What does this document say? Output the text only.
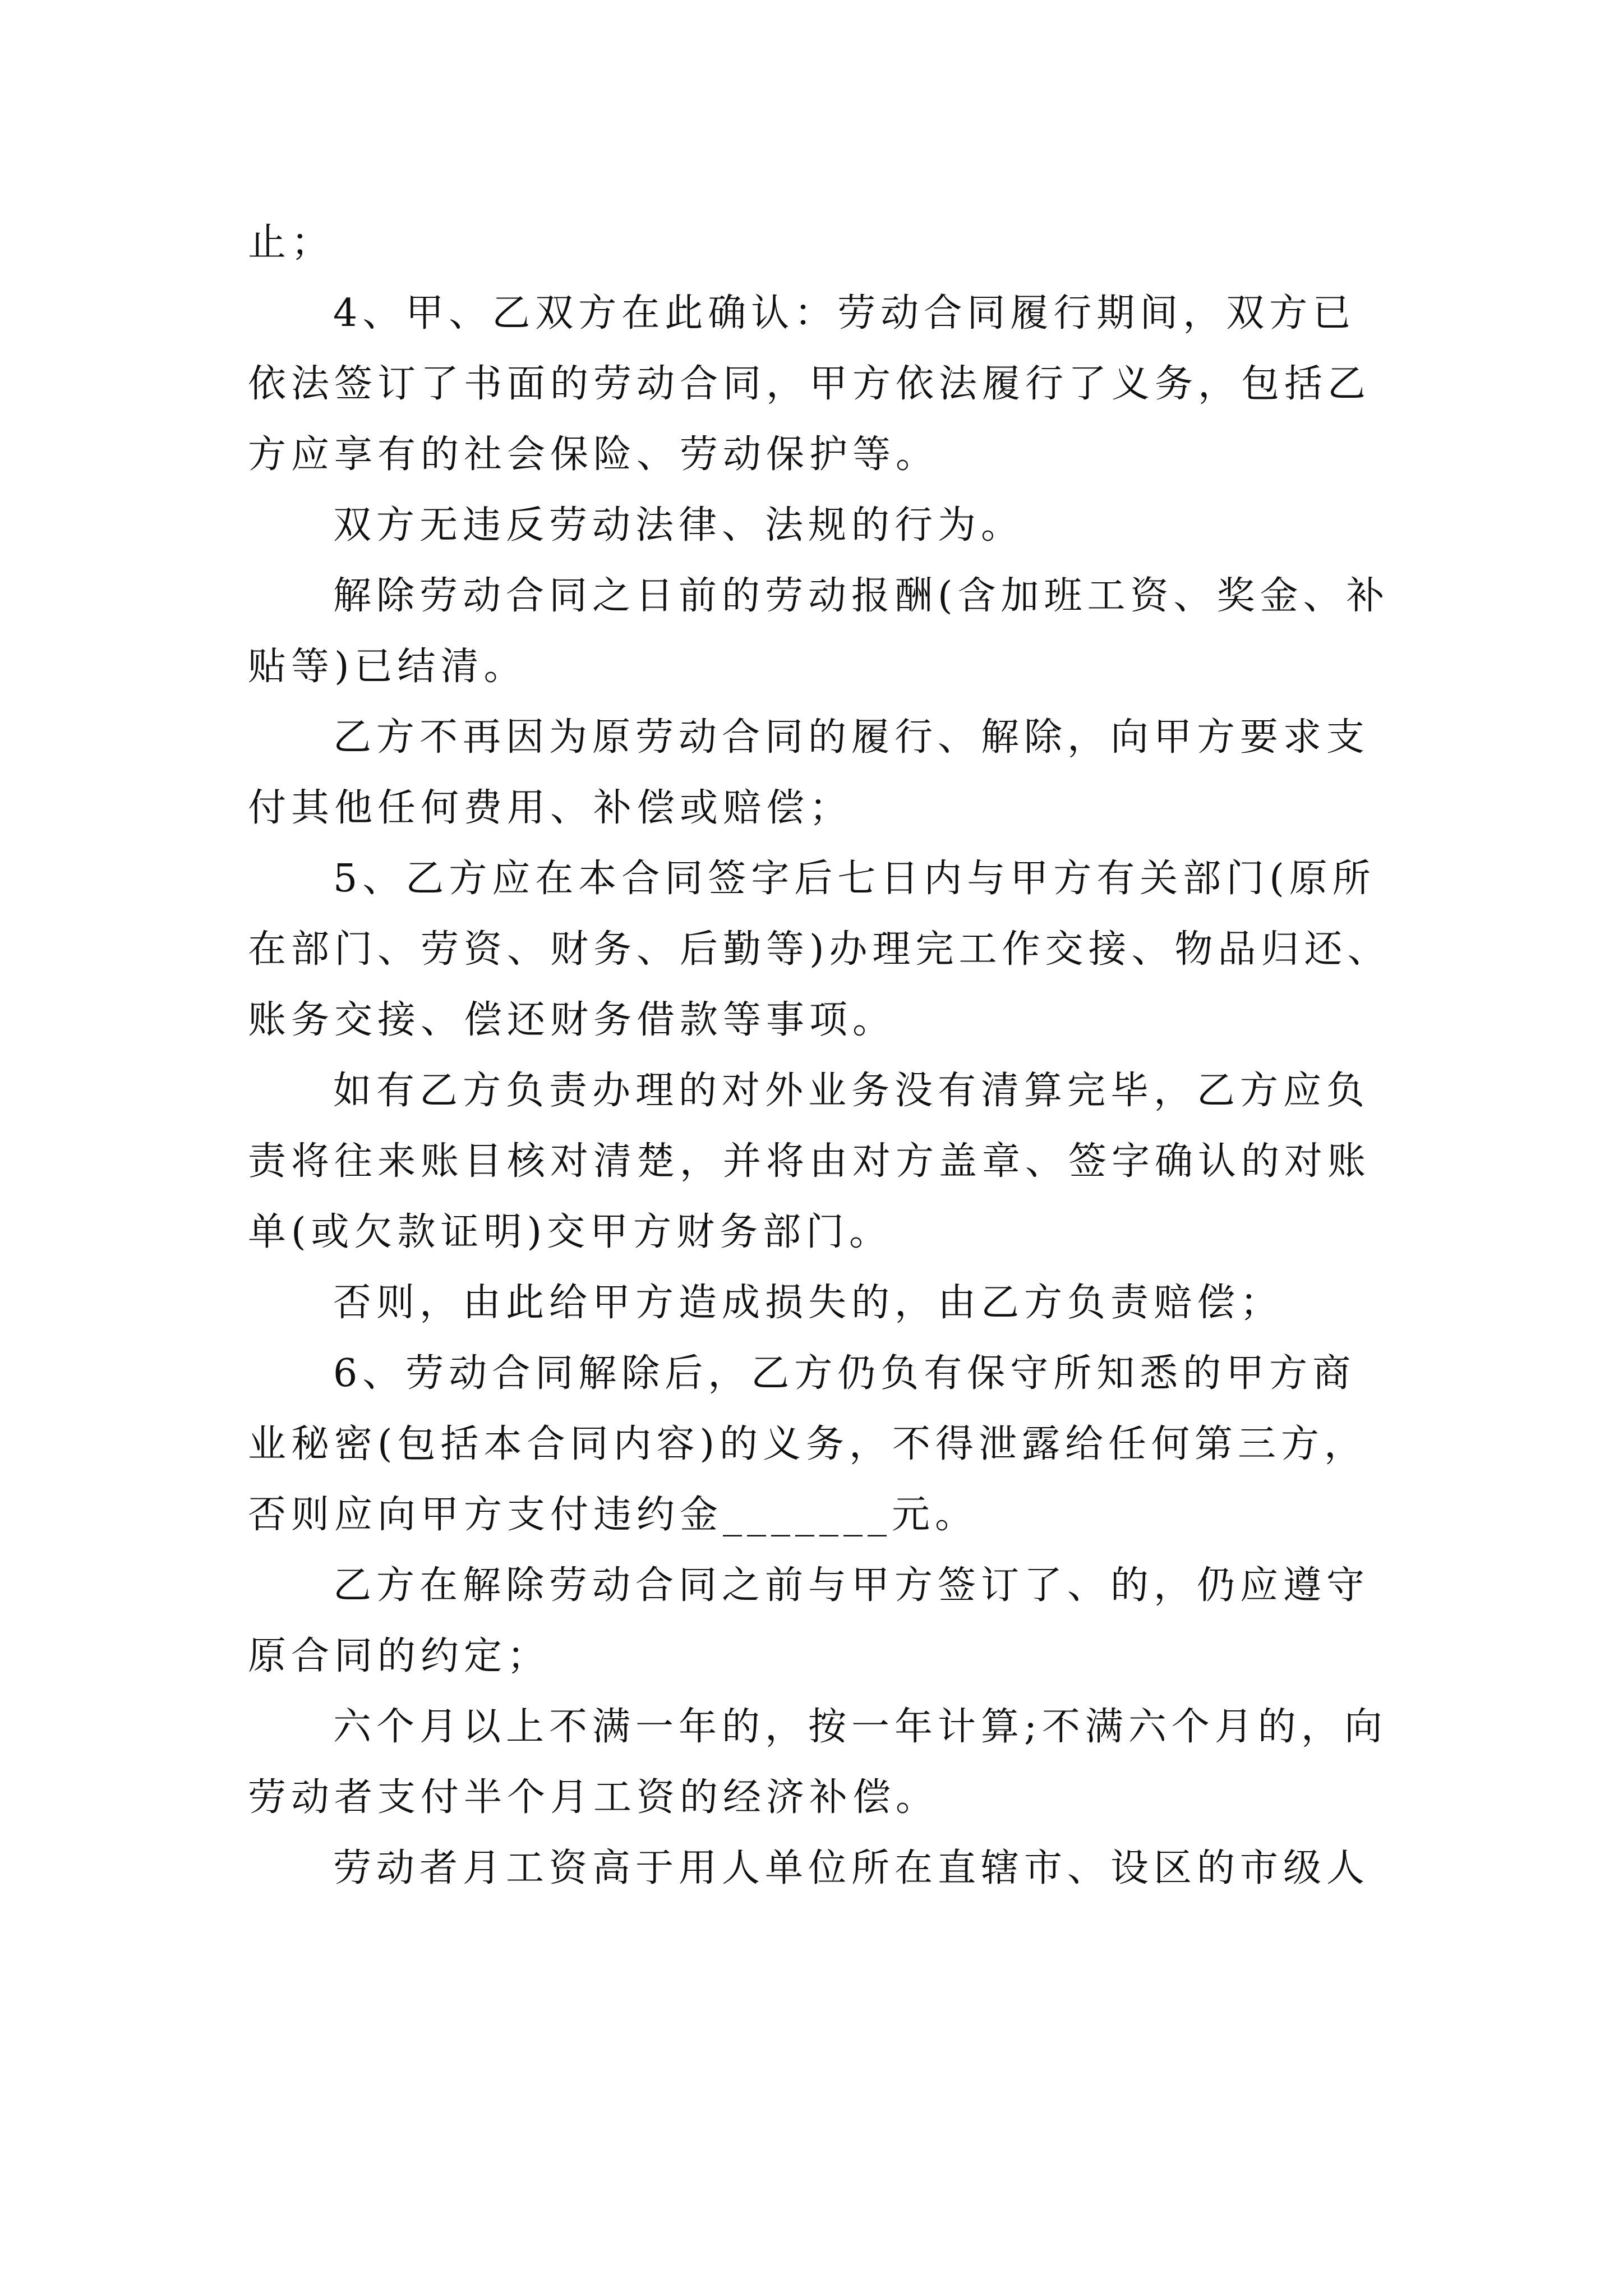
止；

4、甲、乙双方在此确认：劳动合同履行期间，双方已依法签订了书面的劳动合同，甲方依法履行了义务，包括乙方应享有的社会保险、劳动保护等。

双方无违反劳动法律、法规的行为。

解除劳动合同之日前的劳动报酬(含加班工资、奖金、补贴等)已结清。

乙方不再因为原劳动合同的履行、解除，向甲方要求支付其他任何费用、补偿或赔偿；

5、乙方应在本合同签字后七日内与甲方有关部门(原所在部门、劳资、财务、后勤等)办理完工作交接、物品归还、账务交接、偿还财务借款等事项。

如有乙方负责办理的对外业务没有清算完毕，乙方应负责将往来账目核对清楚，并将由对方盖章、签字确认的对账单(或欠款证明)交甲方财务部门。

否则，由此给甲方造成损失的，由乙方负责赔偿；

6、劳动合同解除后，乙方仍负有保守所知悉的甲方商业秘密(包括本合同内容)的义务，不得泄露给任何第三方，否则应向甲方支付违约金_______元。

乙方在解除劳动合同之前与甲方签订了、的，仍应遵守原合同的约定；

六个月以上不满一年的，按一年计算;不满六个月的，向劳动者支付半个月工资的经济补偿。

劳动者月工资高于用人单位所在直辖市、设区的市级人
